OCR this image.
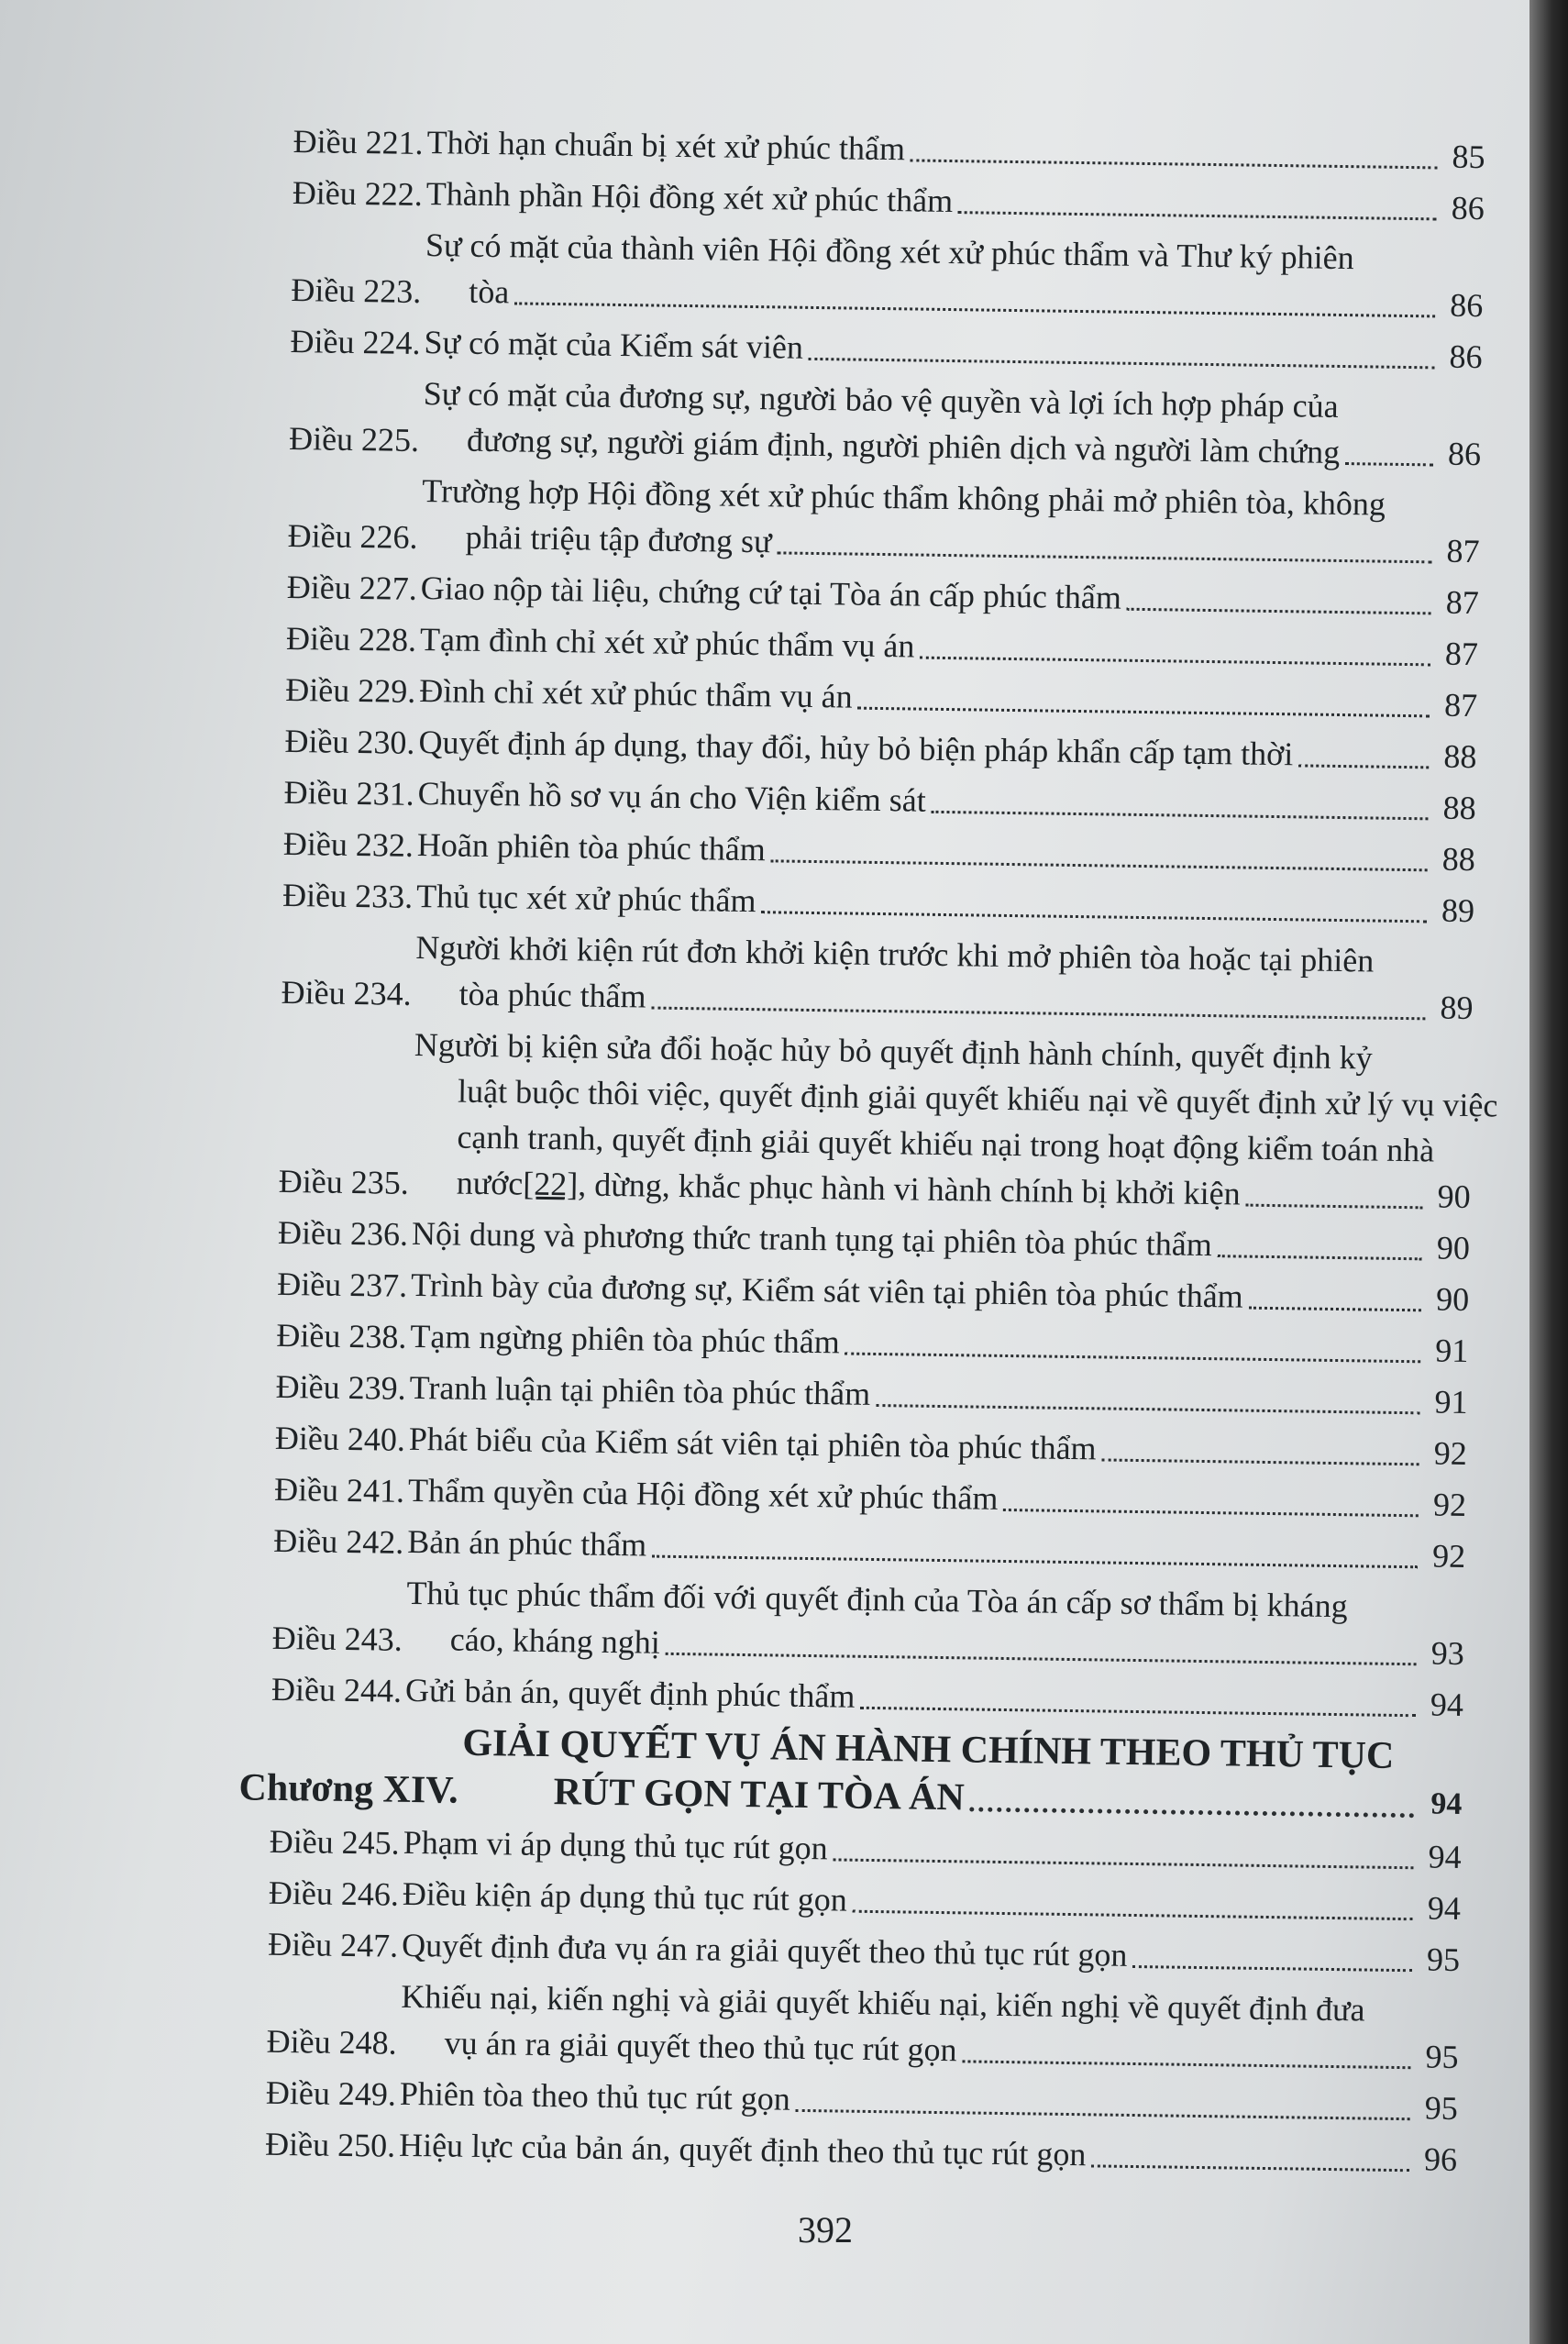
Điều 221.
Thời hạn chuẩn bị xét xử phúc thẩm	85
Điều 222.
Thành phần Hội đồng xét xử phúc thẩm	86
Điều 223.

Sự có mặt của thành viên Hội đồng xét xử phúc thẩm và Thư ký phiên
tòa	86
Điều 224.
Sự có mặt của Kiểm sát viên	86
Điều 225.

Sự có mặt của đương sự, người bảo vệ quyền và lợi ích hợp pháp của
đương sự, người giám định, người phiên dịch và người làm chứng	86
Điều 226.

Trường hợp Hội đồng xét xử phúc thẩm không phải mở phiên tòa, không
phải triệu tập đương sự	87
Điều 227.
Giao nộp tài liệu, chứng cứ tại Tòa án cấp phúc thẩm	87
Điều 228.
Tạm đình chỉ xét xử phúc thẩm vụ án	87
Điều 229.
Đình chỉ xét xử phúc thẩm vụ án	87
Điều 230.
Quyết định áp dụng, thay đổi, hủy bỏ biện pháp khẩn cấp tạm thời	88
Điều 231.
Chuyển hồ sơ vụ án cho Viện kiểm sát	88
Điều 232.
Hoãn phiên tòa phúc thẩm	88
Điều 233.
Thủ tục xét xử phúc thẩm	89
Điều 234.

Người khởi kiện rút đơn khởi kiện trước khi mở phiên tòa hoặc tại phiên
tòa phúc thẩm	89
Điều 235.

Người bị kiện sửa đổi hoặc hủy bỏ quyết định hành chính, quyết định kỷ
luật buộc thôi việc, quyết định giải quyết khiếu nại về quyết định xử lý vụ việc
cạnh tranh, quyết định giải quyết khiếu nại trong hoạt động kiểm toán nhà
nước[22], dừng, khắc phục hành vi hành chính bị khởi kiện	90
Điều 236.
Nội dung và phương thức tranh tụng tại phiên tòa phúc thẩm	90
Điều 237.
Trình bày của đương sự, Kiểm sát viên tại phiên tòa phúc thẩm	90
Điều 238.
Tạm ngừng phiên tòa phúc thẩm	91
Điều 239.
Tranh luận tại phiên tòa phúc thẩm	91
Điều 240.
Phát biểu của Kiểm sát viên tại phiên tòa phúc thẩm	92
Điều 241.
Thẩm quyền của Hội đồng xét xử phúc thẩm	92
Điều 242.
Bản án phúc thẩm	92
Điều 243.

Thủ tục phúc thẩm đối với quyết định của Tòa án cấp sơ thẩm bị kháng
cáo, kháng nghị	93
Điều 244.
Gửi bản án, quyết định phúc thẩm	94
Chương XIV.

GIẢI QUYẾT VỤ ÁN HÀNH CHÍNH THEO THỦ TỤC
RÚT GỌN TẠI TÒA ÁN	94
Điều 245.
Phạm vi áp dụng thủ tục rút gọn	94
Điều 246.
Điều kiện áp dụng thủ tục rút gọn	94
Điều 247.
Quyết định đưa vụ án ra giải quyết theo thủ tục rút gọn	95
Điều 248.

Khiếu nại, kiến nghị và giải quyết khiếu nại, kiến nghị về quyết định đưa
vụ án ra giải quyết theo thủ tục rút gọn	95
Điều 249.
Phiên tòa theo thủ tục rút gọn	95
Điều 250.
Hiệu lực của bản án, quyết định theo thủ tục rút gọn	96
392
